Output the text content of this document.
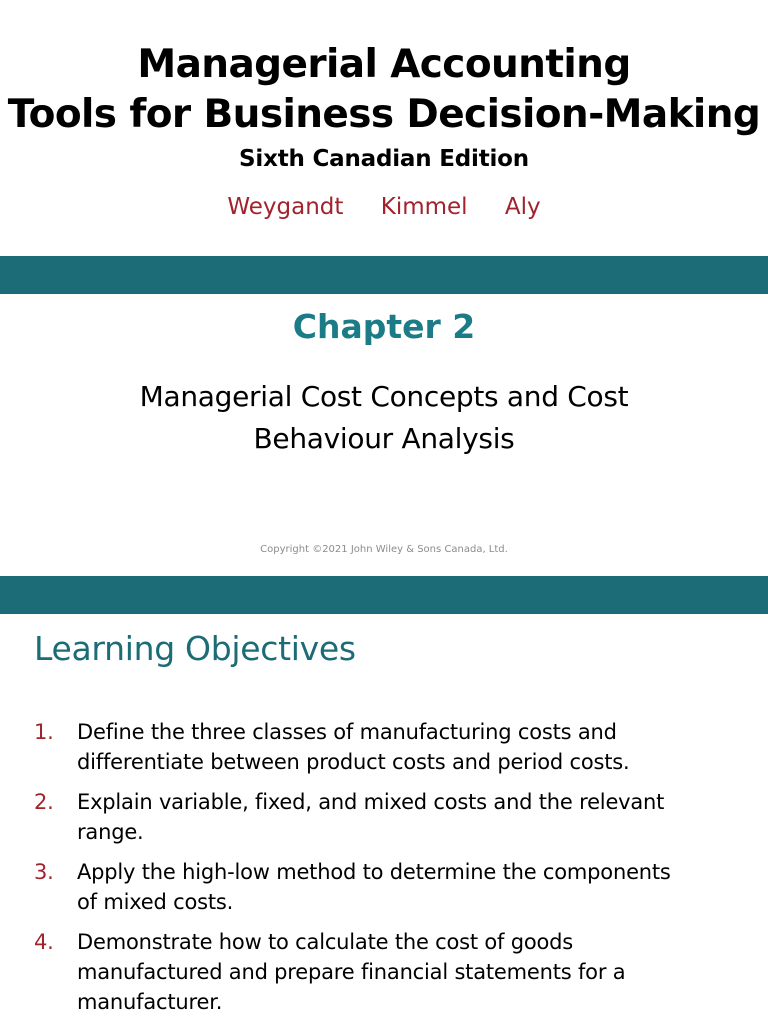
Managerial Accounting
Tools for Business Decision-Making
Sixth Canadian Edition
Weygandt Kimmel Aly
Chapter 2
Managerial Cost Concepts and Cost
Behaviour Analysis
Copyright ©2021 John Wiley & Sons Canada, Ltd.
Learning Objectives
1. Define the three classes of manufacturing costs and
differentiate between product costs and period costs.
2. Explain variable, fixed, and mixed costs and the relevant
range.
3. Apply the high-low method to determine the components
of mixed costs.
4. Demonstrate how to calculate the cost of goods
manufactured and prepare financial statements for a
manufacturer.
